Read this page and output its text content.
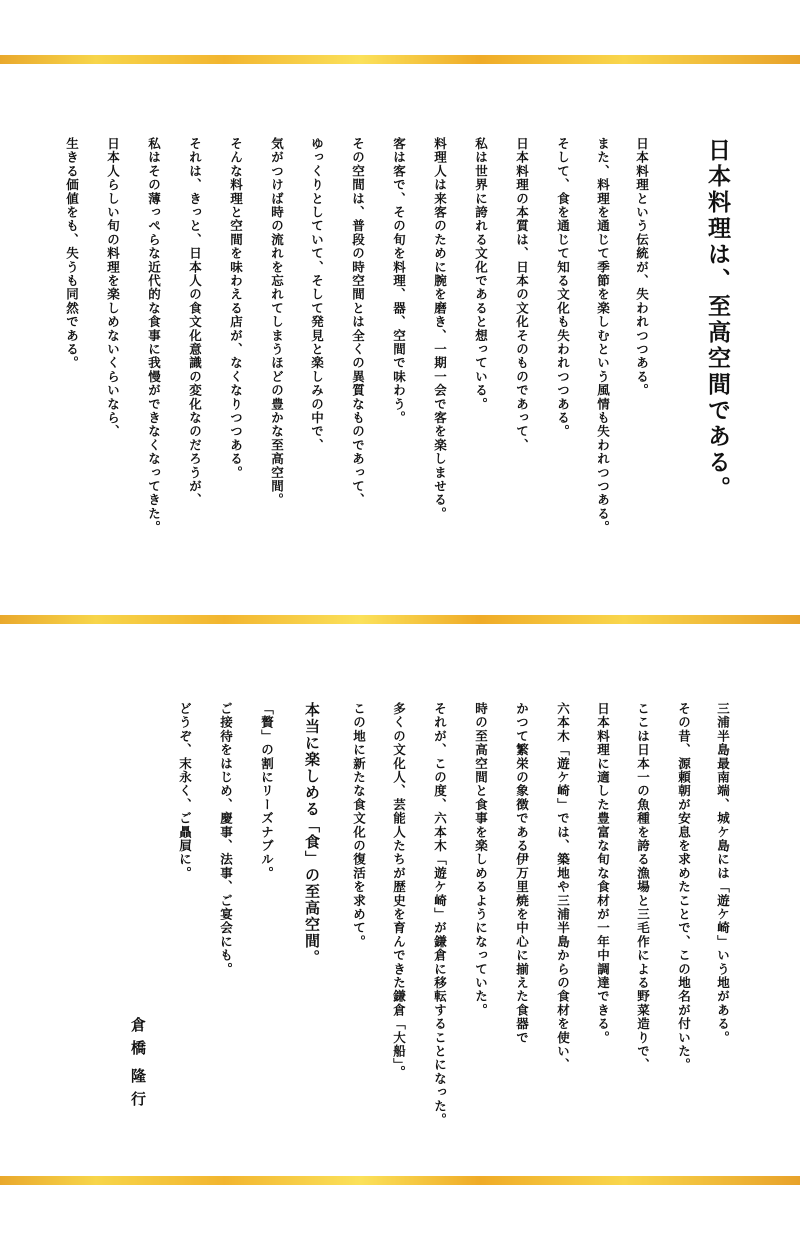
日本料理は、至高空間である。
日本料理という伝統が、失われつつある。
また、料理を通じて季節を楽しむという風情も失われつつある。
そして、食を通じて知る文化も失われつつある。
日本料理の本質は、日本の文化そのものであって、
私は世界に誇れる文化であると想っている。
料理人は来客のために腕を磨き、一期一会で客を楽しませる。
客は客で、その旬を料理、器、空間で味わう。
その空間は、普段の時空間とは全くの異質なものであって、
ゆっくりとしていて、そして発見と楽しみの中で、
気がつけば時の流れを忘れてしまうほどの豊かな至高空間。
そんな料理と空間を味わえる店が、なくなりつつある。
それは、きっと、日本人の食文化意識の変化なのだろうが、
私はその薄っぺらな近代的な食事に我慢ができなくなってきた。
日本人らしい旬の料理を楽しめないくらいなら、
生きる価値をも、失うも同然である。
三浦半島最南端、城ケ島には「遊ケ崎」いう地がある。
その昔、源頼朝が安息を求めたことで、この地名が付いた。
ここは日本一の魚種を誇る漁場と三毛作による野菜造りで、
日本料理に適した豊富な旬な食材が一年中調達できる。
六本木「遊ケ崎」では、築地や三浦半島からの食材を使い、
かつて繁栄の象徴である伊万里焼を中心に揃えた食器で
時の至高空間と食事を楽しめるようになっていた。
それが、この度、六本木「遊ケ崎」が鎌倉に移転することになった。
多くの文化人、芸能人たちが歴史を育んできた鎌倉「大船」。
この地に新たな食文化の復活を求めて。
本当に楽しめる「食」の至高空間。
「贅」の割にリーズナブル。
ご接待をはじめ、慶事、法事、ご宴会にも。
どうぞ、末永く、ご贔屓に。
倉橋
隆行
